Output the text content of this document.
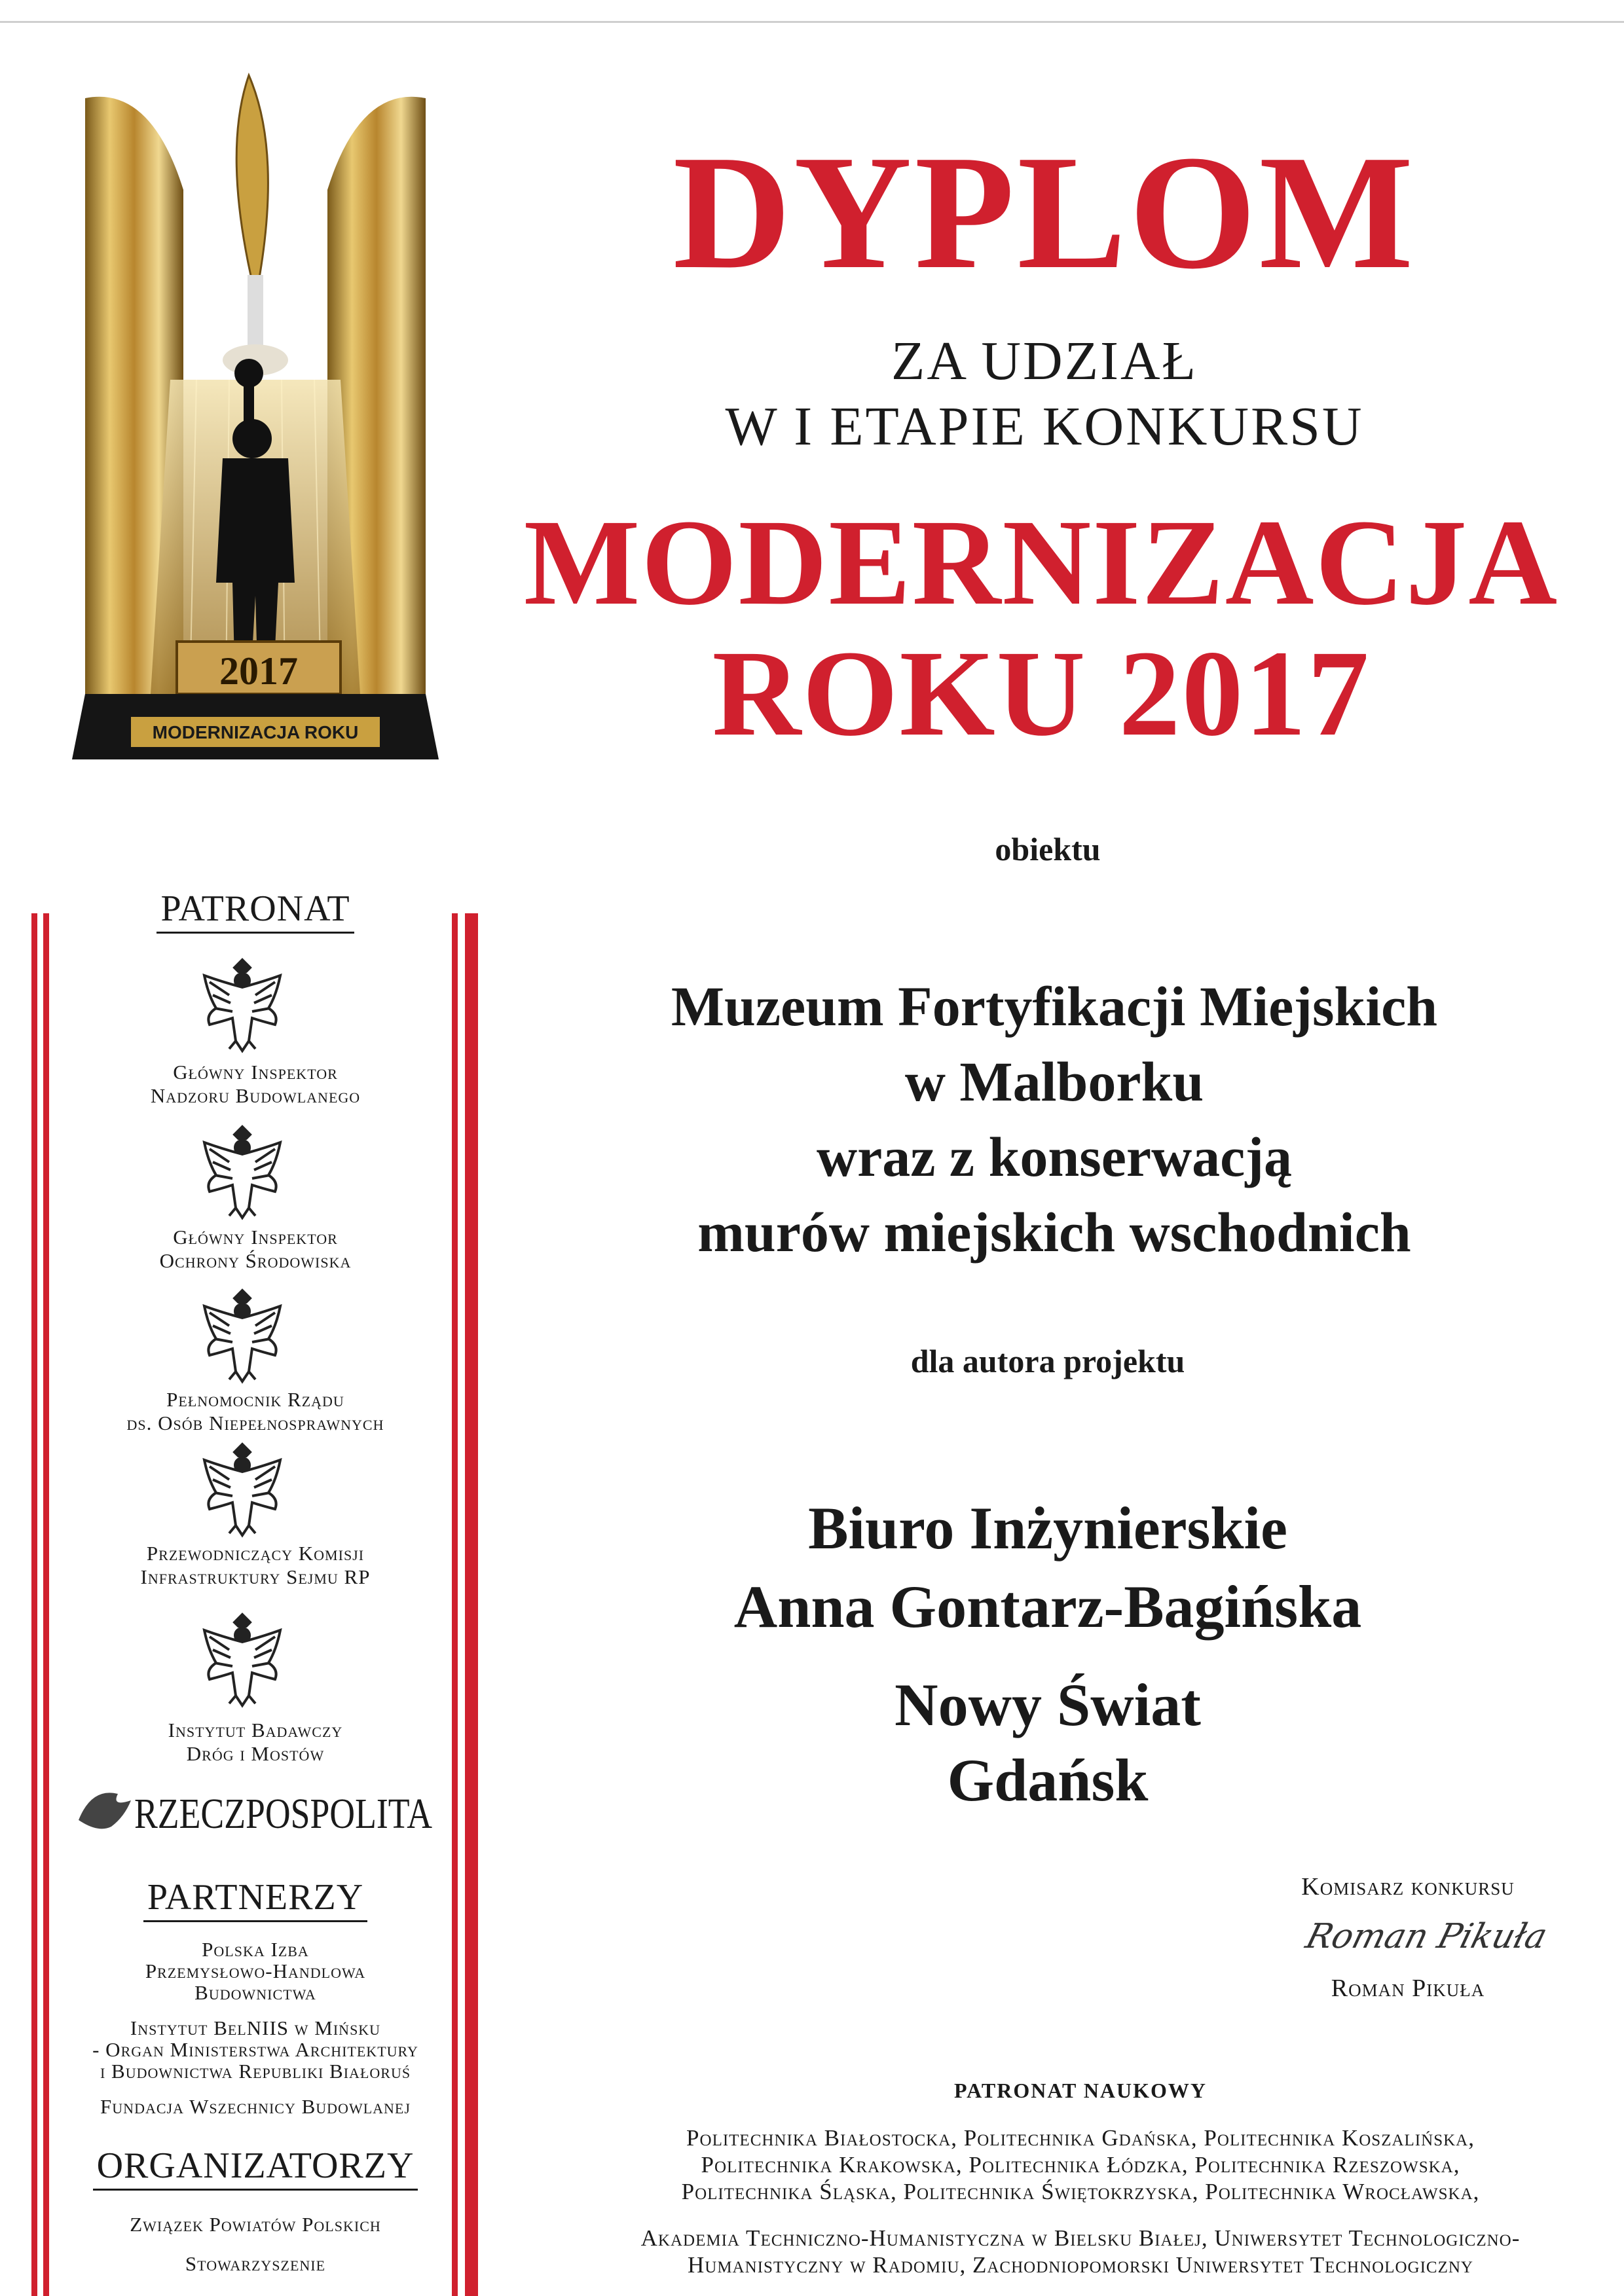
2017
MODERNIZACJA ROKU
DYPLOM
ZA UDZIAŁ
W I ETAPIE KONKURSU
MODERNIZACJA
ROKU 2017
obiektu
Muzeum Fortyfikacji Miejskich
w Malborku
wraz z konserwacją
murów miejskich wschodnich
dla autora projektu
Biuro Inżynierskie
Anna Gontarz-Bagińska
Nowy Świat
Gdańsk
Komisarz konkursu
Roman Pikuła
Roman Pikuła
PATRONAT NAUKOWY
Politechnika Białostocka, Politechnika Gdańska, Politechnika Koszalińska,
Politechnika Krakowska, Politechnika Łódzka, Politechnika Rzeszowska,
Politechnika Śląska, Politechnika Świętokrzyska, Politechnika Wrocławska,
Akademia Techniczno-Humanistyczna w Bielsku Białej, Uniwersytet Technologiczno-
Humanistyczny w Radomiu, Zachodniopomorski Uniwersytet Technologiczny
PATRONAT
Główny Inspektor
Nadzoru Budowlanego
Główny Inspektor
Ochrony Środowiska
Pełnomocnik Rządu
ds. Osób Niepełnosprawnych
Przewodniczący Komisji
Infrastruktury Sejmu RP
Instytut Badawczy
Dróg i Mostów
RZECZPOSPOLITA
PARTNERZY
Polska Izba
Przemysłowo-Handlowa
Budownictwa
Instytut BelNIIS w Mińsku
- Organ Ministerstwa Architektury
i Budownictwa Republiki Białoruś
Fundacja Wszechnicy Budowlanej
ORGANIZATORZY
Związek Powiatów Polskich
Stowarzyszenie
